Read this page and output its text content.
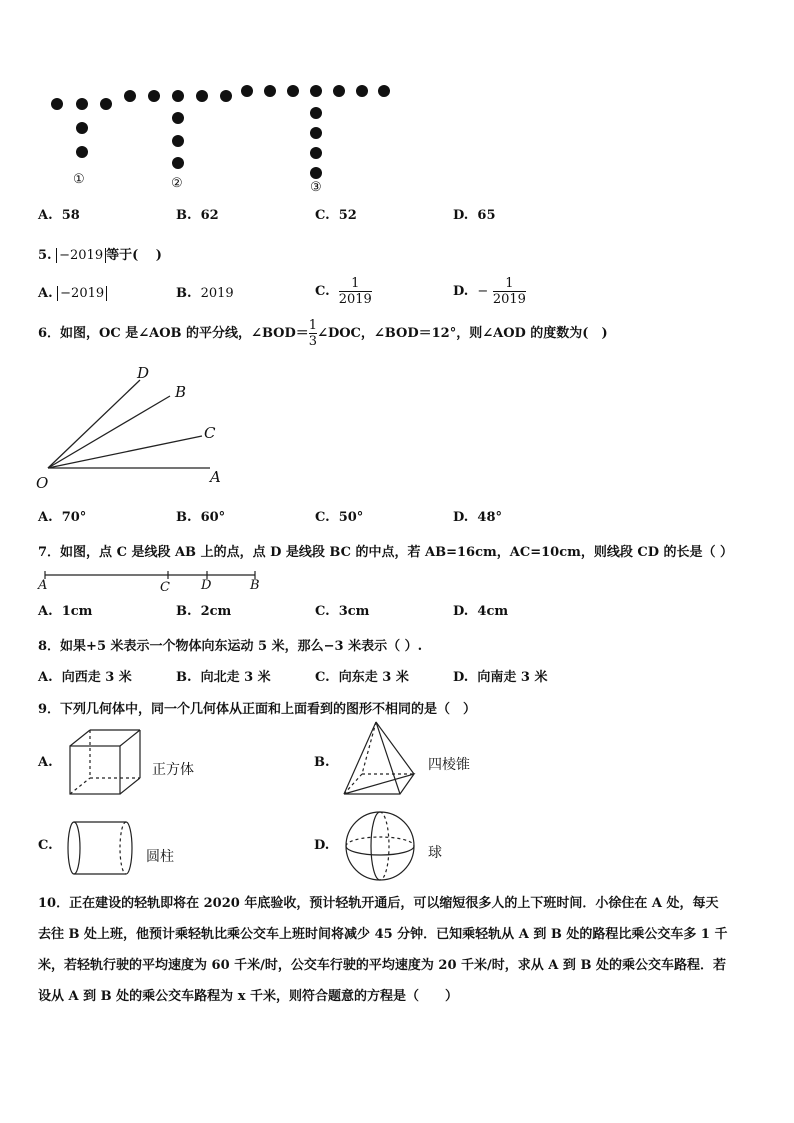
①	②	③
A. 58	B. 62	C. 52	D. 65
5. −2019 等于(　 )
A. −2019	B. 2019	C. $\frac{1}{2019}$	D. − $\frac{1}{2019}$
6．如图，OC 是∠AOB 的平分线，∠BOD＝ $\frac{1}{3}$ ∠DOC，∠BOD＝12°，则∠AOD 的度数为(　)
D
B
C
O	A
A. 70°	B. 60°	C. 50°	D. 48°
7．如图，点 C 是线段 AB 上的点，点 D 是线段 BC 的中点，若 AB=16cm，AC=10cm，则线段 CD 的长是（ ）
A	C D	B
A. 1cm	B. 2cm	C. 3cm	D. 4cm
8．如果+5 米表示一个物体向东运动 5 米，那么−3 米表示（ ）.
A. 向西走 3 米	B. 向北走 3 米	C. 向东走 3 米	D. 向南走 3 米
9．下列几何体中，同一个几何体从正面和上面看到的图形不相同的是（　）
A.	正方体	B.	四棱锥
C.
圆柱
D.	球
10．正在建设的轻轨即将在 2020 年底验收，预计轻轨开通后，可以缩短很多人的上下班时间．小徐住在 A 处，每天
去往 B 处上班，他预计乘轻轨比乘公交车上班时间将减少 45 分钟．已知乘轻轨从 A 到 B 处的路程比乘公交车多 1 千
米，若轻轨行驶的平均速度为 60 千米/时，公交车行驶的平均速度为 20 千米/时，求从 A 到 B 处的乘公交车路程．若
设从 A 到 B 处的乘公交车路程为 x 千米，则符合题意的方程是（　　）
